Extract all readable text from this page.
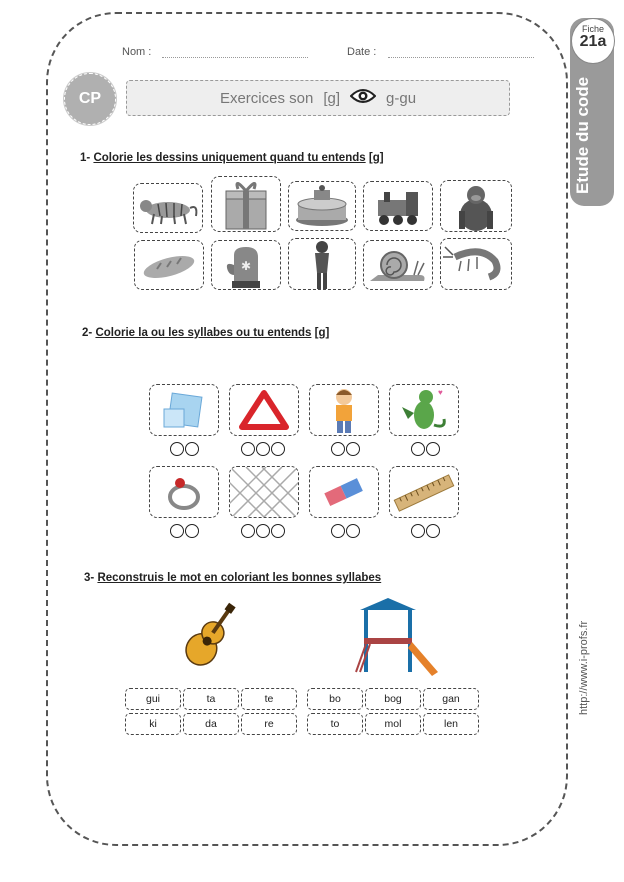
Fiche
21a
Etude du code
http://www.i-profs.fr
Nom :	Date :
CP	Exercices son [g]	g-gu
1- Colorie les dessins uniquement quand tu entends [g]
✱
2- Colorie la ou les syllabes ou tu entends [g]
♥
3- Reconstruis le mot en coloriant les bonnes syllabes
gui	ta	te
ki	da	re
bo	bog	gan
to	mol	len
